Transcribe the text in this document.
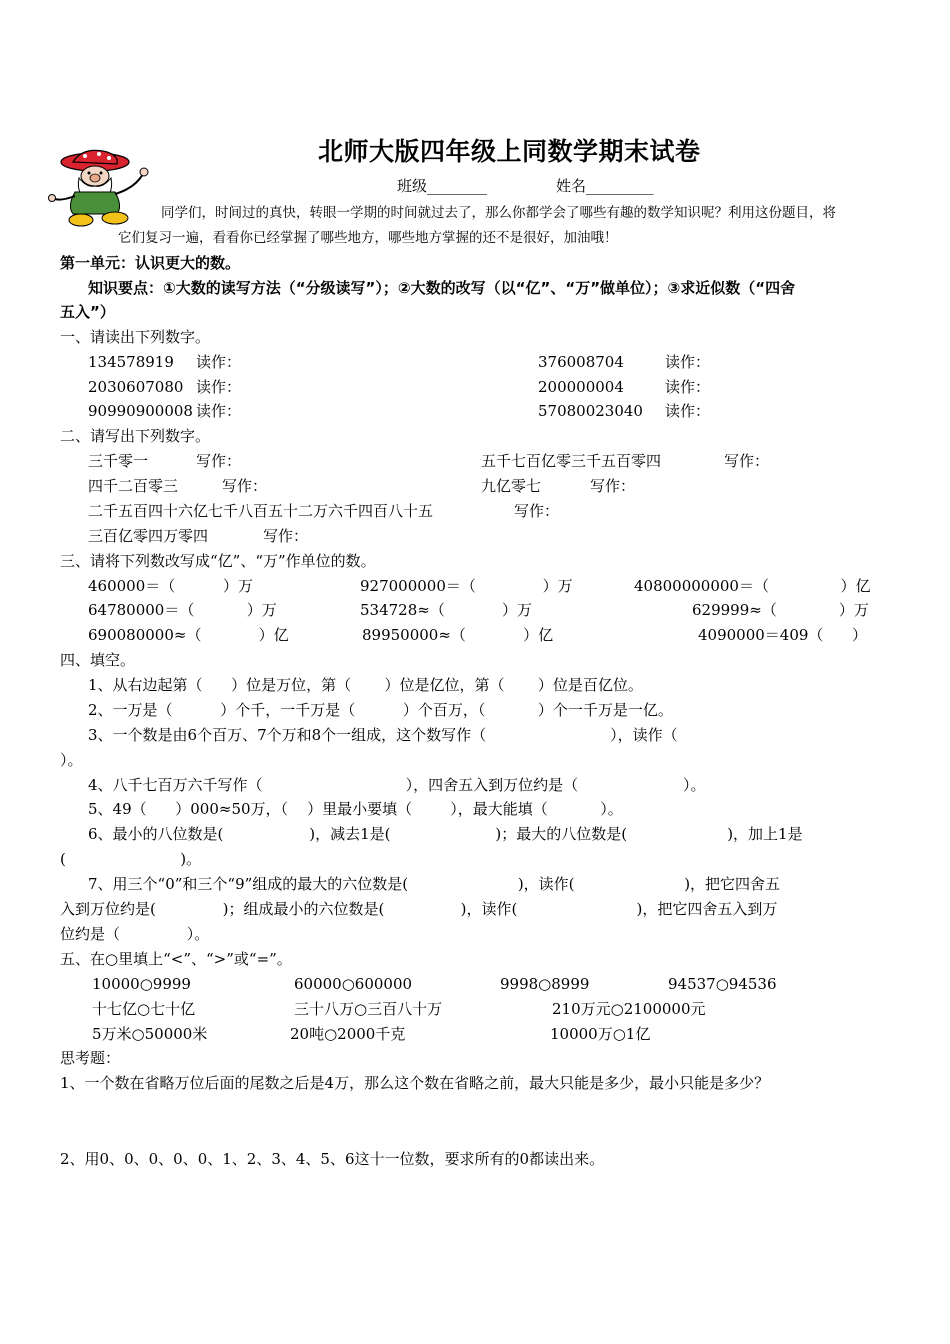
北师大版四年级上同数学期末试卷
班级________	姓名_________
同学们，时间过的真快，转眼一学期的时间就过去了，那么你都学会了哪些有趣的数学知识呢？利用这份题目，将
它们复习一遍，看看你已经掌握了哪些地方，哪些地方掌握的还不是很好，加油哦！
第一单元：认识更大的数。
知识要点：①大数的读写方法（“分级读写”）；②大数的改写（以“亿”、“万”做单位）；③求近似数（“四舍
五入”）
一、请读出下列数字。
134578919 读作：	376008704	读作：
2030607080 读作：	200000004	读作：
90990900008 读作：	57080023040 读作：
二、请写出下列数字。
三千零一	写作：	五千七百亿零三千五百零四	写作：
四千二百零三	写作：	九亿零七	写作：
二千五百四十六亿七千八百五十二万六千四百八十五	写作：
三百亿零四万零四	写作：
三、请将下列数改写成“亿”、“万”作单位的数。
460000＝（          ）万	927000000＝（              ）万	40800000000＝（               ）亿
64780000＝（           ）万	534728≈（            ）万	629999≈（             ）万
690080000≈（            ）亿	89950000≈（            ）亿	4090000＝409（      ）
四、填空。
1、从右边起第（      ）位是万位，第（       ）位是亿位，第（       ）位是百亿位。
2、一万是（          ）个千，一千万是（          ）个百万，（           ）个一千万是一亿。
3、一个数是由6个百万、7个万和8个一组成，这个数写作（                          ），读作（
）。
4、八千七百万六千写作（                              ），四舍五入到万位约是（                      ）。
5、49（      ）000≈50万，（    ）里最小要填（        ），最大能填（           ）。
6、最小的八位数是(                  )，减去1是(                      )；最大的八位数是(                     )，加上1是
(                        )。
7、用三个“0”和三个“9”组成的最大的六位数是(                       )，读作(                       )，把它四舍五
入到万位约是(              )；组成最小的六位数是(                )，读作(                         )，把它四舍五入到万
位约是（              ）。
五、在○里填上“<”、“>”或“=”。
10000○9999	60000○600000	9998○8999	94537○94536
十七亿○七十亿	三十八万○三百八十万	210万元○2100000元
5万米○50000米	20吨○2000千克	10000万○1亿
思考题：
1、一个数在省略万位后面的尾数之后是4万，那么这个数在省略之前，最大只能是多少，最小只能是多少？
2、用0、0、0、0、0、1、2、3、4、5、6这十一位数，要求所有的0都读出来。
